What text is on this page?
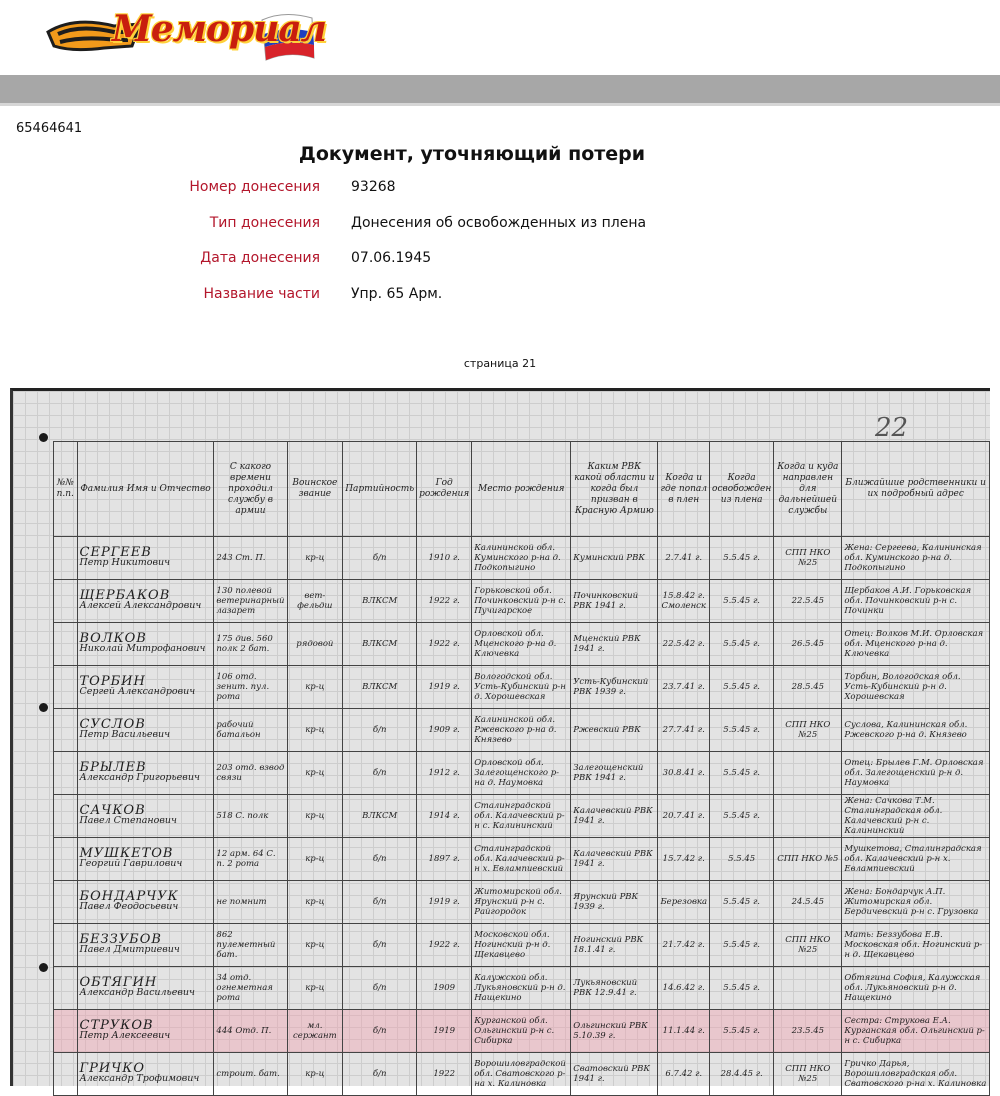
Мемориал
65464641
Документ, уточняющий потери
Номер донесения 93268
Тип донесения Донесения об освобожденных из плена
Дата донесения 07.06.1945
Название части Упр. 65 Арм.
страница 21
22
№№ п.п.	Фамилия Имя и Отчество	С какого времени проходил службу в армии	Воинское звание	Партийность	Год рождения	Место рождения	Каким РВК какой области и когда был призван в Красную Армию	Когда и где попал в плен	Когда освобожден из плена	Когда и куда направлен для дальнейшей службы	Ближайшие родственники и их подробный адрес

	СЕРГЕЕВ
Петр Никитович	243 Ст. П.	кр-ц	б/п	1910 г.	Калининской обл. Куминского р-на д. Подкопыгино	Куминский РВК	2.7.41 г.	5.5.45 г.	СПП НКО №25	Жена: Сергеева, Калининская обл. Куминского р-на д. Подкопыгино

	ЩЕРБАКОВ
Алексей Александрович	130 полевой ветеринарный лазарет	вет-фельдш	ВЛКСМ	1922 г.	Горьковской обл. Починковский р-н с. Пучигарское	Починковский РВК 1941 г.	15.8.42 г. Смоленск	5.5.45 г.	22.5.45	Щербаков А.И. Горьковская обл. Починковский р-н с. Починки

	ВОЛКОВ
Николай Митрофанович	175 див. 560 полк 2 бат.	рядовой	ВЛКСМ	1922 г.	Орловской обл. Мценского р-на д. Ключевка	Мценский РВК 1941 г.	22.5.42 г.	5.5.45 г.	26.5.45	Отец: Волков М.И. Орловская обл. Мценского р-на д. Ключевка

	ТОРБИН
Сергей Александрович	106 отд. зенит. пул. рота	кр-ц	ВЛКСМ	1919 г.	Вологодской обл. Усть-Кубинский р-н д. Хорошевская	Усть-Кубинский РВК 1939 г.	23.7.41 г.	5.5.45 г.	28.5.45	Торбин, Вологодская обл. Усть-Кубинский р-н д. Хорошевская

	СУСЛОВ
Петр Васильевич	рабочий батальон	кр-ц	б/п	1909 г.	Калининской обл. Ржевского р-на д. Князево	Ржевский РВК	27.7.41 г.	5.5.45 г.	СПП НКО №25	Суслова, Калининская обл. Ржевского р-на д. Князево

	БРЫЛЕВ
Александр Григорьевич	203 отд. взвод связи	кр-ц	б/п	1912 г.	Орловской обл. Залегощенского р-на д. Наумовка	Залегощенский РВК 1941 г.	30.8.41 г.	5.5.45 г.		Отец: Брылев Г.М. Орловская обл. Залегощенский р-н д. Наумовка

	САЧКОВ
Павел Степанович	518 С. полк	кр-ц	ВЛКСМ	1914 г.	Сталинградской обл. Калачевский р-н с. Калининский	Калачевский РВК 1941 г.	20.7.41 г.	5.5.45 г.		Жена: Сачкова Т.М. Сталинградская обл. Калачевский р-н с. Калининский

	МУШКЕТОВ
Георгий Гаврилович	12 арм. 64 С. п. 2 рота	кр-ц	б/п	1897 г.	Сталинградской обл. Калачевский р-н х. Евлампиевский	Калачевский РВК 1941 г.	15.7.42 г.	5.5.45	СПП НКО №5	Мушкетова, Сталинградская обл. Калачевский р-н х. Евлампиевский

	БОНДАРЧУК
Павел Феодосьевич	не помнит	кр-ц	б/п	1919 г.	Житомирской обл. Ярунский р-н с. Райгородок	Ярунский РВК 1939 г.	Березовка	5.5.45 г.	24.5.45	Жена: Бондарчук А.П. Житомирская обл. Бердичевский р-н с. Грузовка

	БЕЗЗУБОВ
Павел Дмитриевич	862 пулеметный бат.	кр-ц	б/п	1922 г.	Московской обл. Ногинский р-н д. Щекавцево	Ногинский РВК 18.1.41 г.	21.7.42 г.	5.5.45 г.	СПП НКО №25	Мать: Беззубова Е.В. Московская обл. Ногинский р-н д. Щекавцево

	ОБТЯГИН
Александр Васильевич	34 отд. огнеметная рота	кр-ц	б/п	1909	Калужской обл. Лукьяновский р-н д. Нащекино	Лукьяновский РВК 12.9.41 г.	14.6.42 г.	5.5.45 г.		Обтягина София, Калужская обл. Лукьяновский р-н д. Нащекино

	СТРУКОВ
Петр Алексеевич	444 Отд. П.	мл. сержант	б/п	1919	Курганской обл. Ольгинский р-н с. Сибирка	Ольгинский РВК 5.10.39 г.	11.1.44 г.	5.5.45 г.	23.5.45	Сестра: Струкова Е.А. Курганская обл. Ольгинский р-н с. Сибирка

	ГРИЧКО
Александр Трофимович	строит. бат.	кр-ц	б/п	1922	Ворошиловградской обл. Сватовского р-на х. Калиновка	Сватовский РВК 1941 г.	6.7.42 г.	28.4.45 г.	СПП НКО №25	Гричко Дарья, Ворошиловградская обл. Сватовского р-на х. Калиновка
